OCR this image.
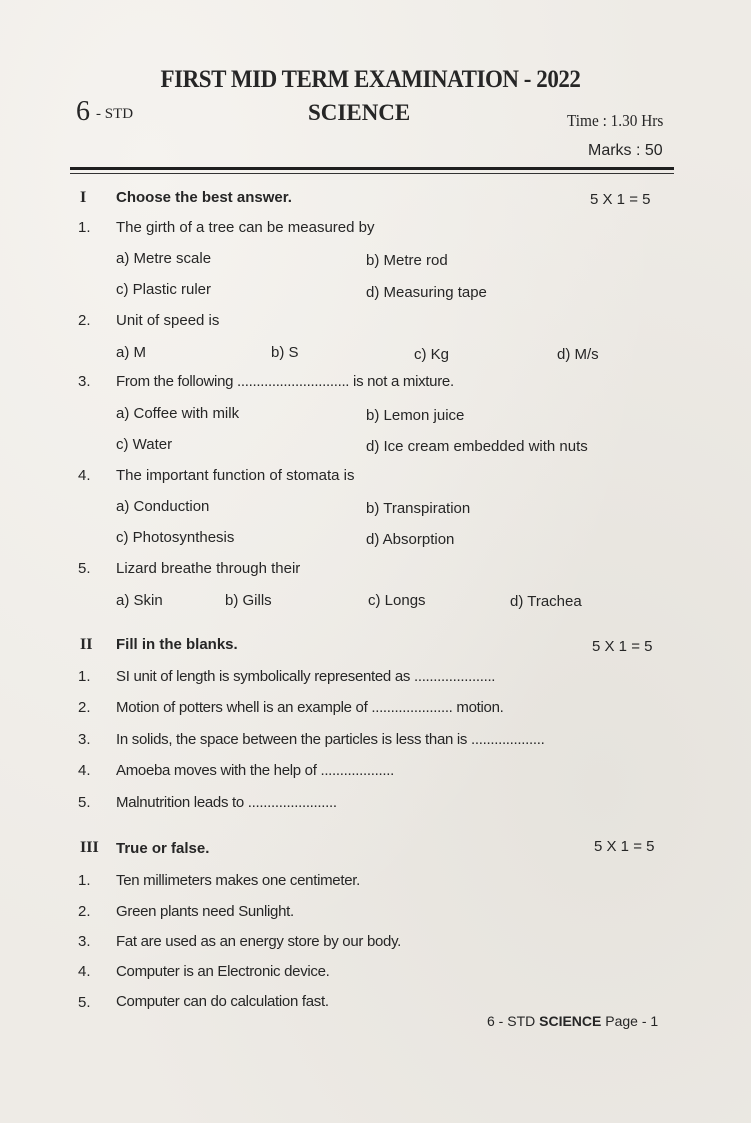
FIRST MID TERM EXAMINATION - 2022
6 - STD	SCIENCE	Time : 1.30 Hrs
Marks : 50
I Choose the best answer.	5 X 1 = 5
1. The girth of a tree can be measured by
a) Metre scale	b) Metre rod
c) Plastic ruler	d) Measuring tape
2. Unit of speed is
a) M	b) S	c) Kg	d) M/s
3. From the following ............................. is not a mixture.
a) Coffee with milk	b) Lemon juice
c) Water	d) Ice cream embedded with nuts
4. The important function of stomata is
a) Conduction	b) Transpiration
c) Photosynthesis	d) Absorption
5. Lizard breathe through their
a) Skin	b) Gills	c) Longs	d) Trachea
II Fill in the blanks.	5 X 1 = 5
1. SI unit of length is symbolically represented as .....................
2. Motion of potters whell is an example of ..................... motion.
3. In solids, the space between the particles is less than is ...................
4. Amoeba moves with the help of ...................
5. Malnutrition leads to .......................
III True or false.	5 X 1 = 5
1. Ten millimeters makes one centimeter.
2. Green plants need Sunlight.
3. Fat are used as an energy store by our body.
4. Computer is an Electronic device.
5. Computer can do calculation fast.
6 - STD SCIENCE Page - 1
